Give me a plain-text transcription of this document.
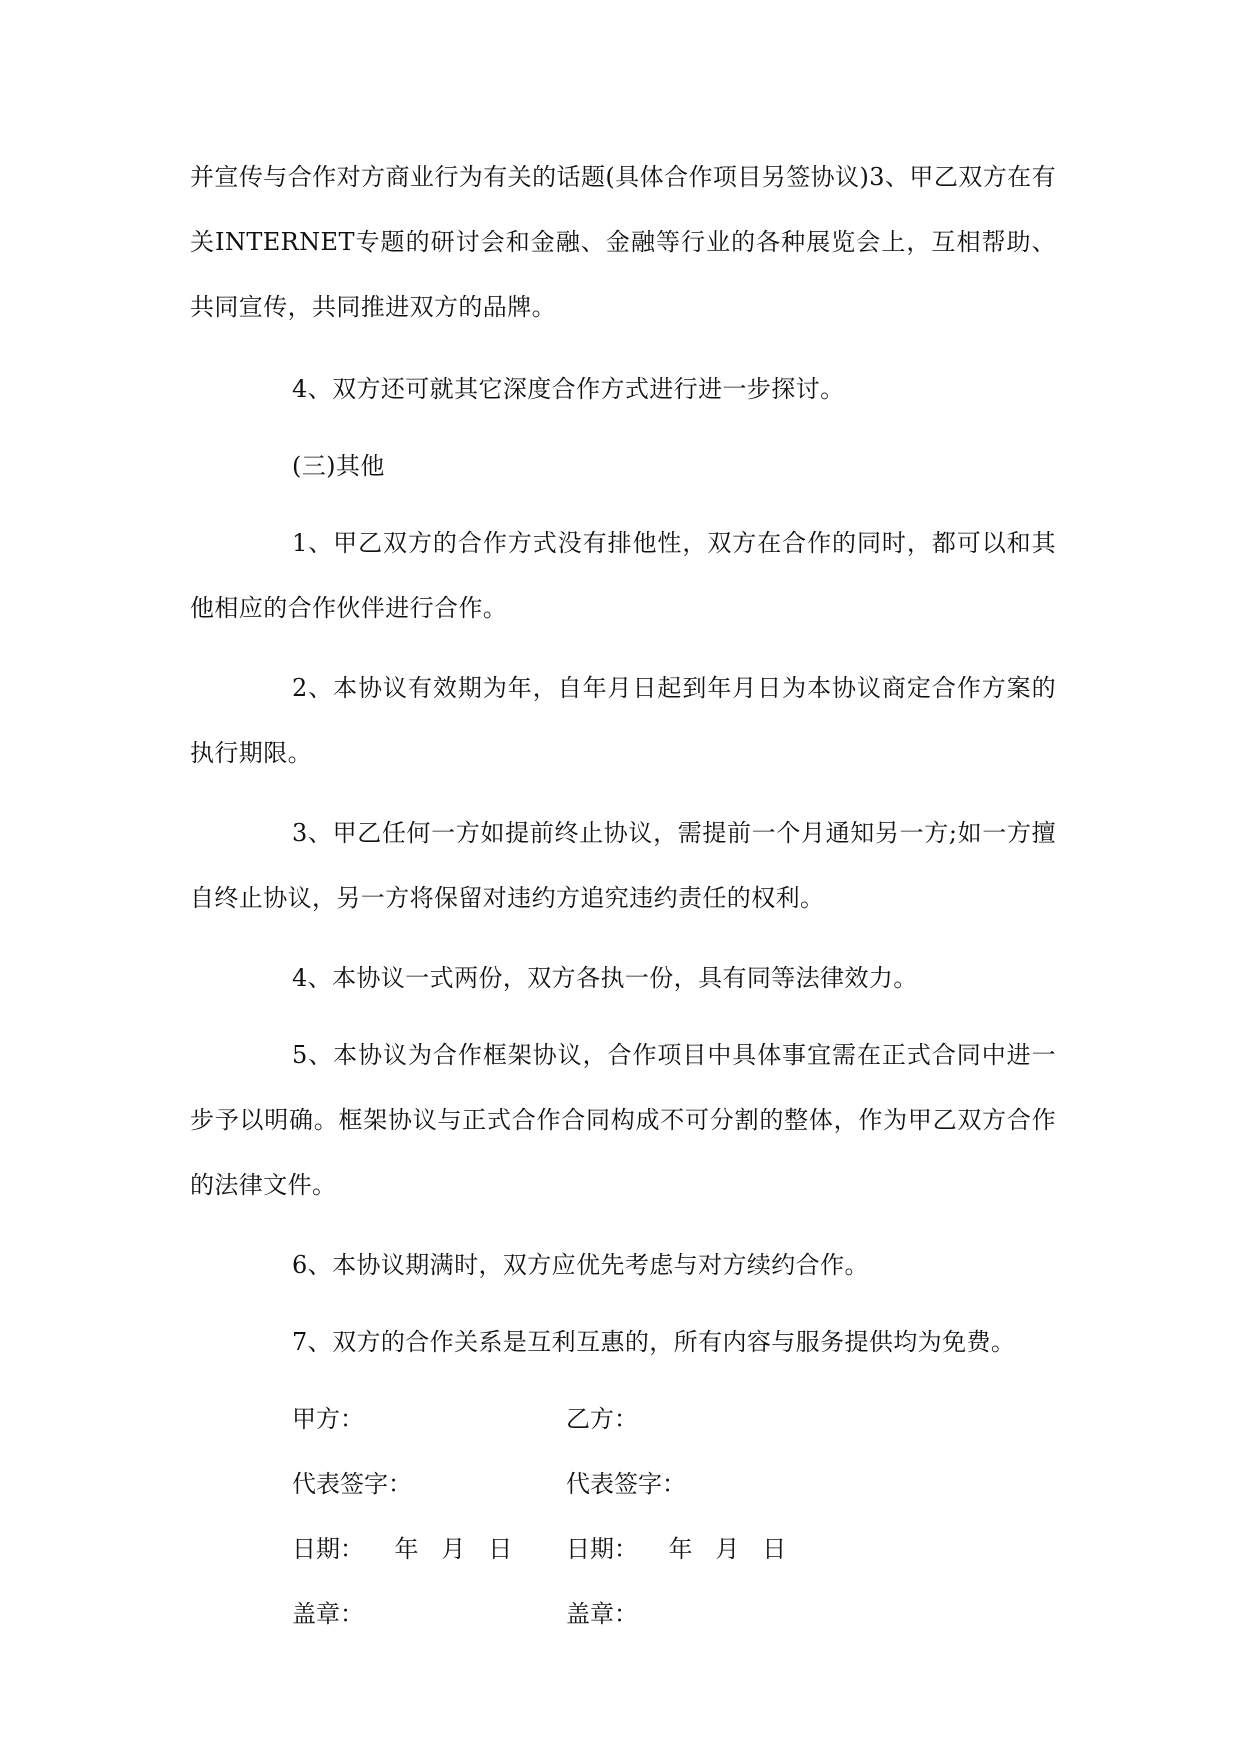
并宣传与合作对方商业行为有关的话题(具体合作项目另签协议)3、甲乙双方在有关INTERNET专题的研讨会和金融、金融等行业的各种展览会上，互相帮助、共同宣传，共同推进双方的品牌。

4、双方还可就其它深度合作方式进行进一步探讨。

(三)其他

1、甲乙双方的合作方式没有排他性，双方在合作的同时，都可以和其他相应的合作伙伴进行合作。

2、本协议有效期为年，自年月日起到年月日为本协议商定合作方案的执行期限。

3、甲乙任何一方如提前终止协议，需提前一个月通知另一方;如一方擅自终止协议，另一方将保留对违约方追究违约责任的权利。

4、本协议一式两份，双方各执一份，具有同等法律效力。

5、本协议为合作框架协议，合作项目中具体事宜需在正式合同中进一步予以明确。框架协议与正式合作合同构成不可分割的整体，作为甲乙双方合作的法律文件。

6、本协议期满时，双方应优先考虑与对方续约合作。

7、双方的合作关系是互利互惠的，所有内容与服务提供均为免费。

甲方：	乙方：
代表签字：	代表签字：
日期：    年   月   日 日期：    年   月   日
盖章：	盖章：
